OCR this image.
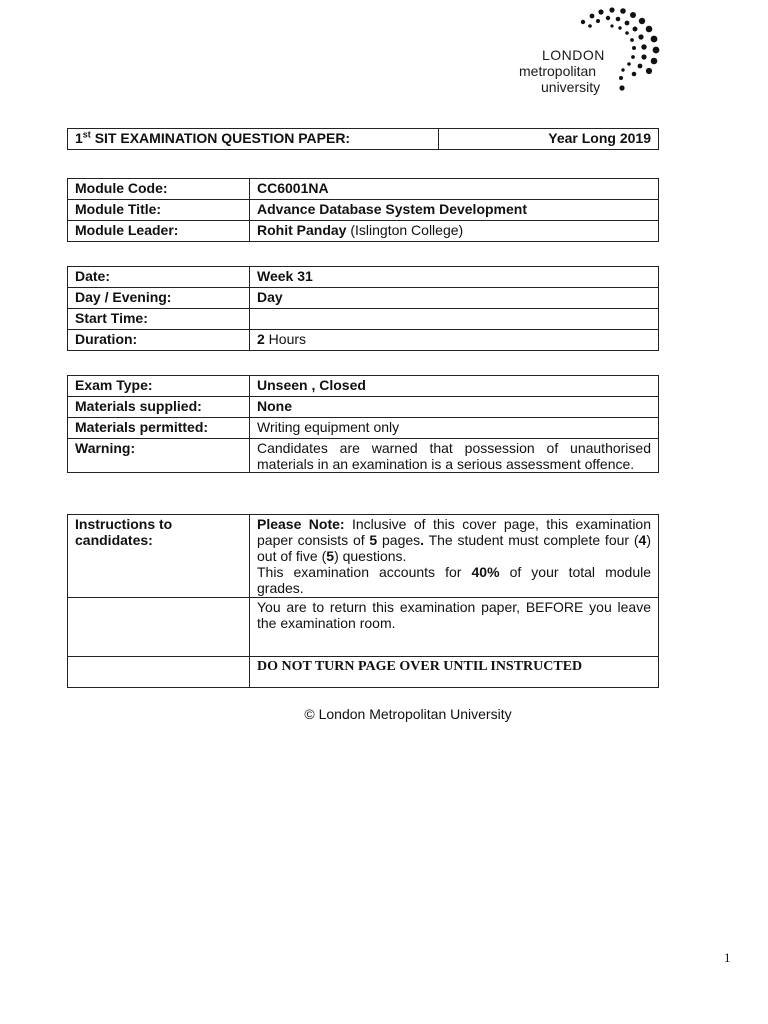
LONDON
metropolitan
university
1st SIT EXAMINATION QUESTION PAPER:	Year Long 2019
Module Code:	CC6001NA
Module Title:	Advance Database System Development
Module Leader:	Rohit Panday (Islington College)
Date:	Week 31
Day / Evening:	Day
Start Time:	
Duration:	2 Hours
Exam Type:	Unseen , Closed
Materials supplied:	None
Materials permitted:	Writing equipment only
Warning:	Candidates are warned that possession of unauthorised materials in an examination is a serious assessment offence.
Instructions to
candidates:	Please Note: Inclusive of this cover page, this examination paper consists of 5 pages. The student must complete four (4) out of five (5) questions.
This examination accounts for 40% of your total module grades.
	You are to return this examination paper, BEFORE you leave the examination room.
	DO NOT TURN PAGE OVER UNTIL INSTRUCTED
© London Metropolitan University
1
